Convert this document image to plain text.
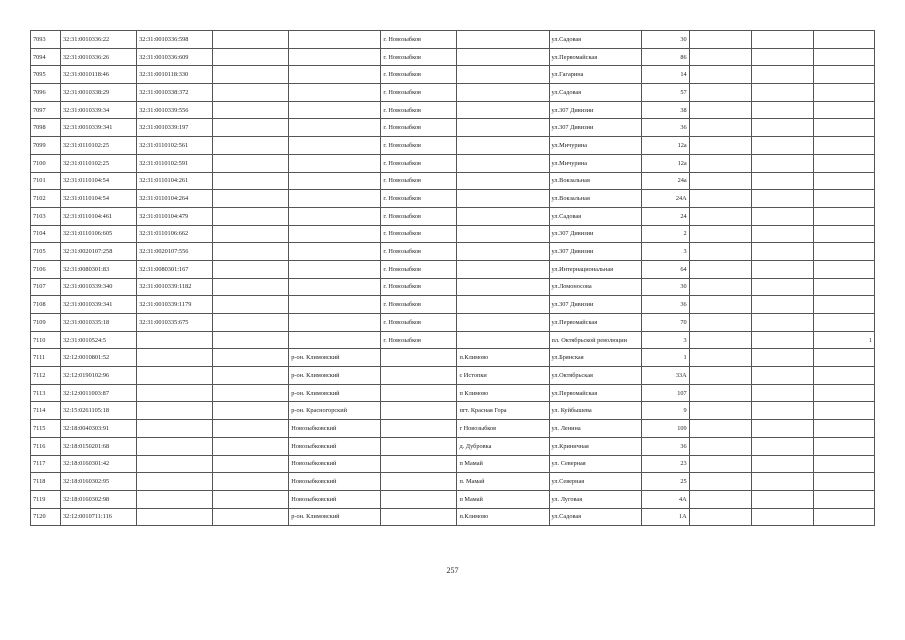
7093	32:31:0010336:22	32:31:0010336:598			г. Новозыбков		ул.Садовая	30			
7094	32:31:0010336:26	32:31:0010336:609			г. Новозыбков		ул.Первомайская	86			
7095	32:31:0010118:46	32:31:0010118:330			г. Новозыбков		ул.Гагарина	14			
7096	32:31:0010338:29	32:31:0010338:372			г. Новозыбков		ул.Садовая	57			
7097	32:31:0010339:34	32:31:0010339:556			г. Новозыбков		ул.307 Дивизии	38			
7098	32:31:0010339:341	32:31:0010339:197			г. Новозыбков		ул.307 Дивизии	36			
7099	32:31:0110102:25	32:31:0110102:561			г. Новозыбков		ул.Мичурина	12а			
7100	32:31:0110102:25	32:31:0110102:591			г. Новозыбков		ул.Мичурина	12а			
7101	32:31:0110104:54	32:31:0110104:261			г. Новозыбков		ул.Вокзальная	24а			
7102	32:31:0110104:54	32:31:0110104:264			г. Новозыбков		ул.Вокзальная	24А			
7103	32:31:0110104:461	32:31:0110104:479			г. Новозыбков		ул.Садовая	24			
7104	32:31:0110106:605	32:31:0110106:662			г. Новозыбков		ул.307 Дивизии	2			
7105	32:31:0020107:258	32:31:0020107:556			г. Новозыбков		ул.307 Дивизии	3			
7106	32:31:0080301:83	32:31:0080301:167			г. Новозыбков		ул.Интернациональная	64			
7107	32:31:0010339:340	32:31:0010339:1182			г. Новозыбков		ул.Ломоносова	30			
7108	32:31:0010339:341	32:31:0010339:1179			г. Новозыбков		ул.307 Дивизии	36			
7109	32:31:0010335:18	32:31:0010335:675			г. Новозыбков		ул.Первомайская	70			
7110	32:31:0010524:5				г. Новозыбков		пл. Октябрьской революции	3			1
7111	32:12:0010801:52			р-он. Климовский		п.Климово	ул.Брянская	1			
7112	32:12:0190102:96			р-он. Климовский		с Истопки	ул.Октябрьская	33А			
7113	32:12:0011003:87			р-он. Климовский		п Климово	ул.Первомайская	107			
7114	32:15:0261105:18			р-он. Красногорский		пгт. Красная Гора	ул. Куйбышева	9			
7115	32:18:0040303:91			Новозыбковский		г Новозыбков	ул. Ленина	109			
7116	32:18:0150201:68			Новозыбковский		д. Дубровка	ул.Криничная	36			
7117	32:18:0160301:42			Новозыбковский		п Мамай	ул. Северная	23			
7118	32:18:0160302:95			Новозыбковский		п. Мамай	ул.Северная	25			
7119	32:18:0160302:98			Новозыбковский		п Мамай	ул. Луговая	4А			
7120	32:12:0010711:116			р-он. Климовский		п.Климово	ул.Садовая	1А			
257
